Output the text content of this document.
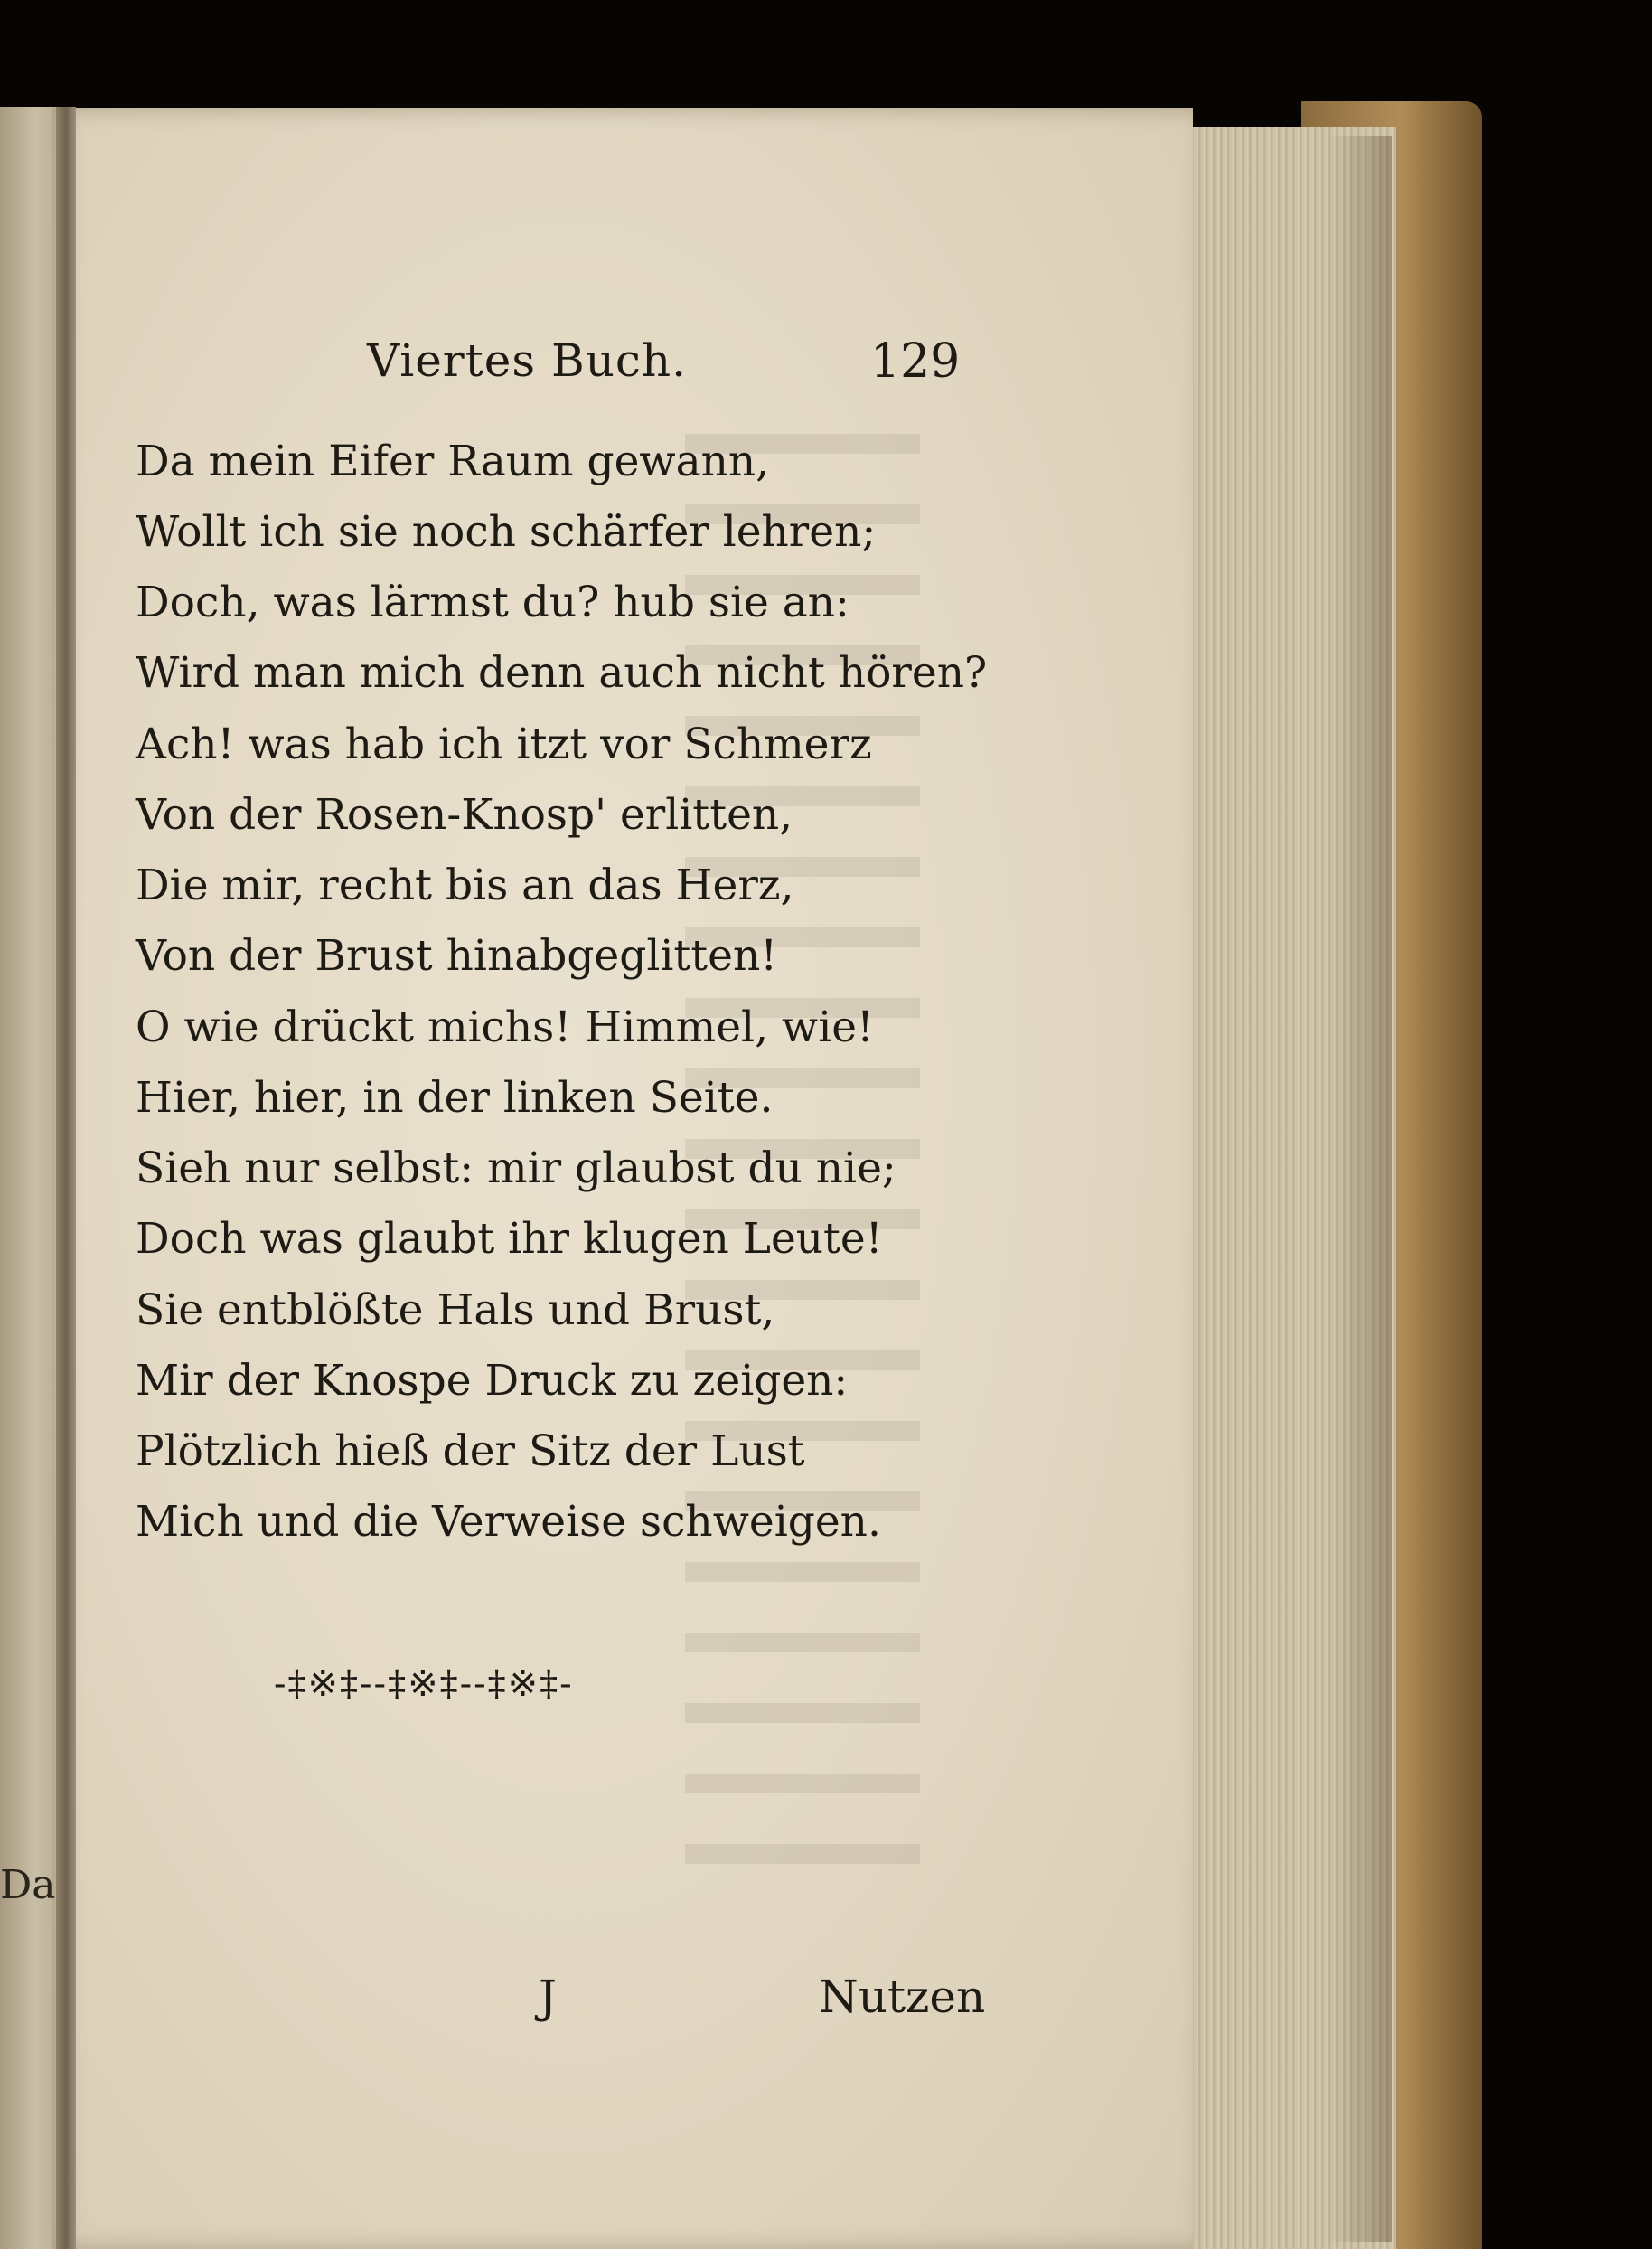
Viertes Buch.	129
Da mein Eifer Raum gewann,
Wollt ich sie noch schärfer lehren;
Doch, was lärmst du? hub sie an:
Wird man mich denn auch nicht hören?
Ach! was hab ich itzt vor Schmerz
Von der Rosen-Knosp' erlitten,
Die mir, recht bis an das Herz,
Von der Brust hinabgeglitten!
O wie drückt michs! Himmel, wie!
Hier, hier, in der linken Seite.
Sieh nur selbst: mir glaubst du nie;
Doch was glaubt ihr klugen Leute!
Sie entblößte Hals und Brust,
Mir der Knospe Druck zu zeigen:
Plötzlich hieß der Sitz der Lust
Mich und die Verweise schweigen.
-‡※‡--‡※‡--‡※‡-
J	Nutzen
Da
